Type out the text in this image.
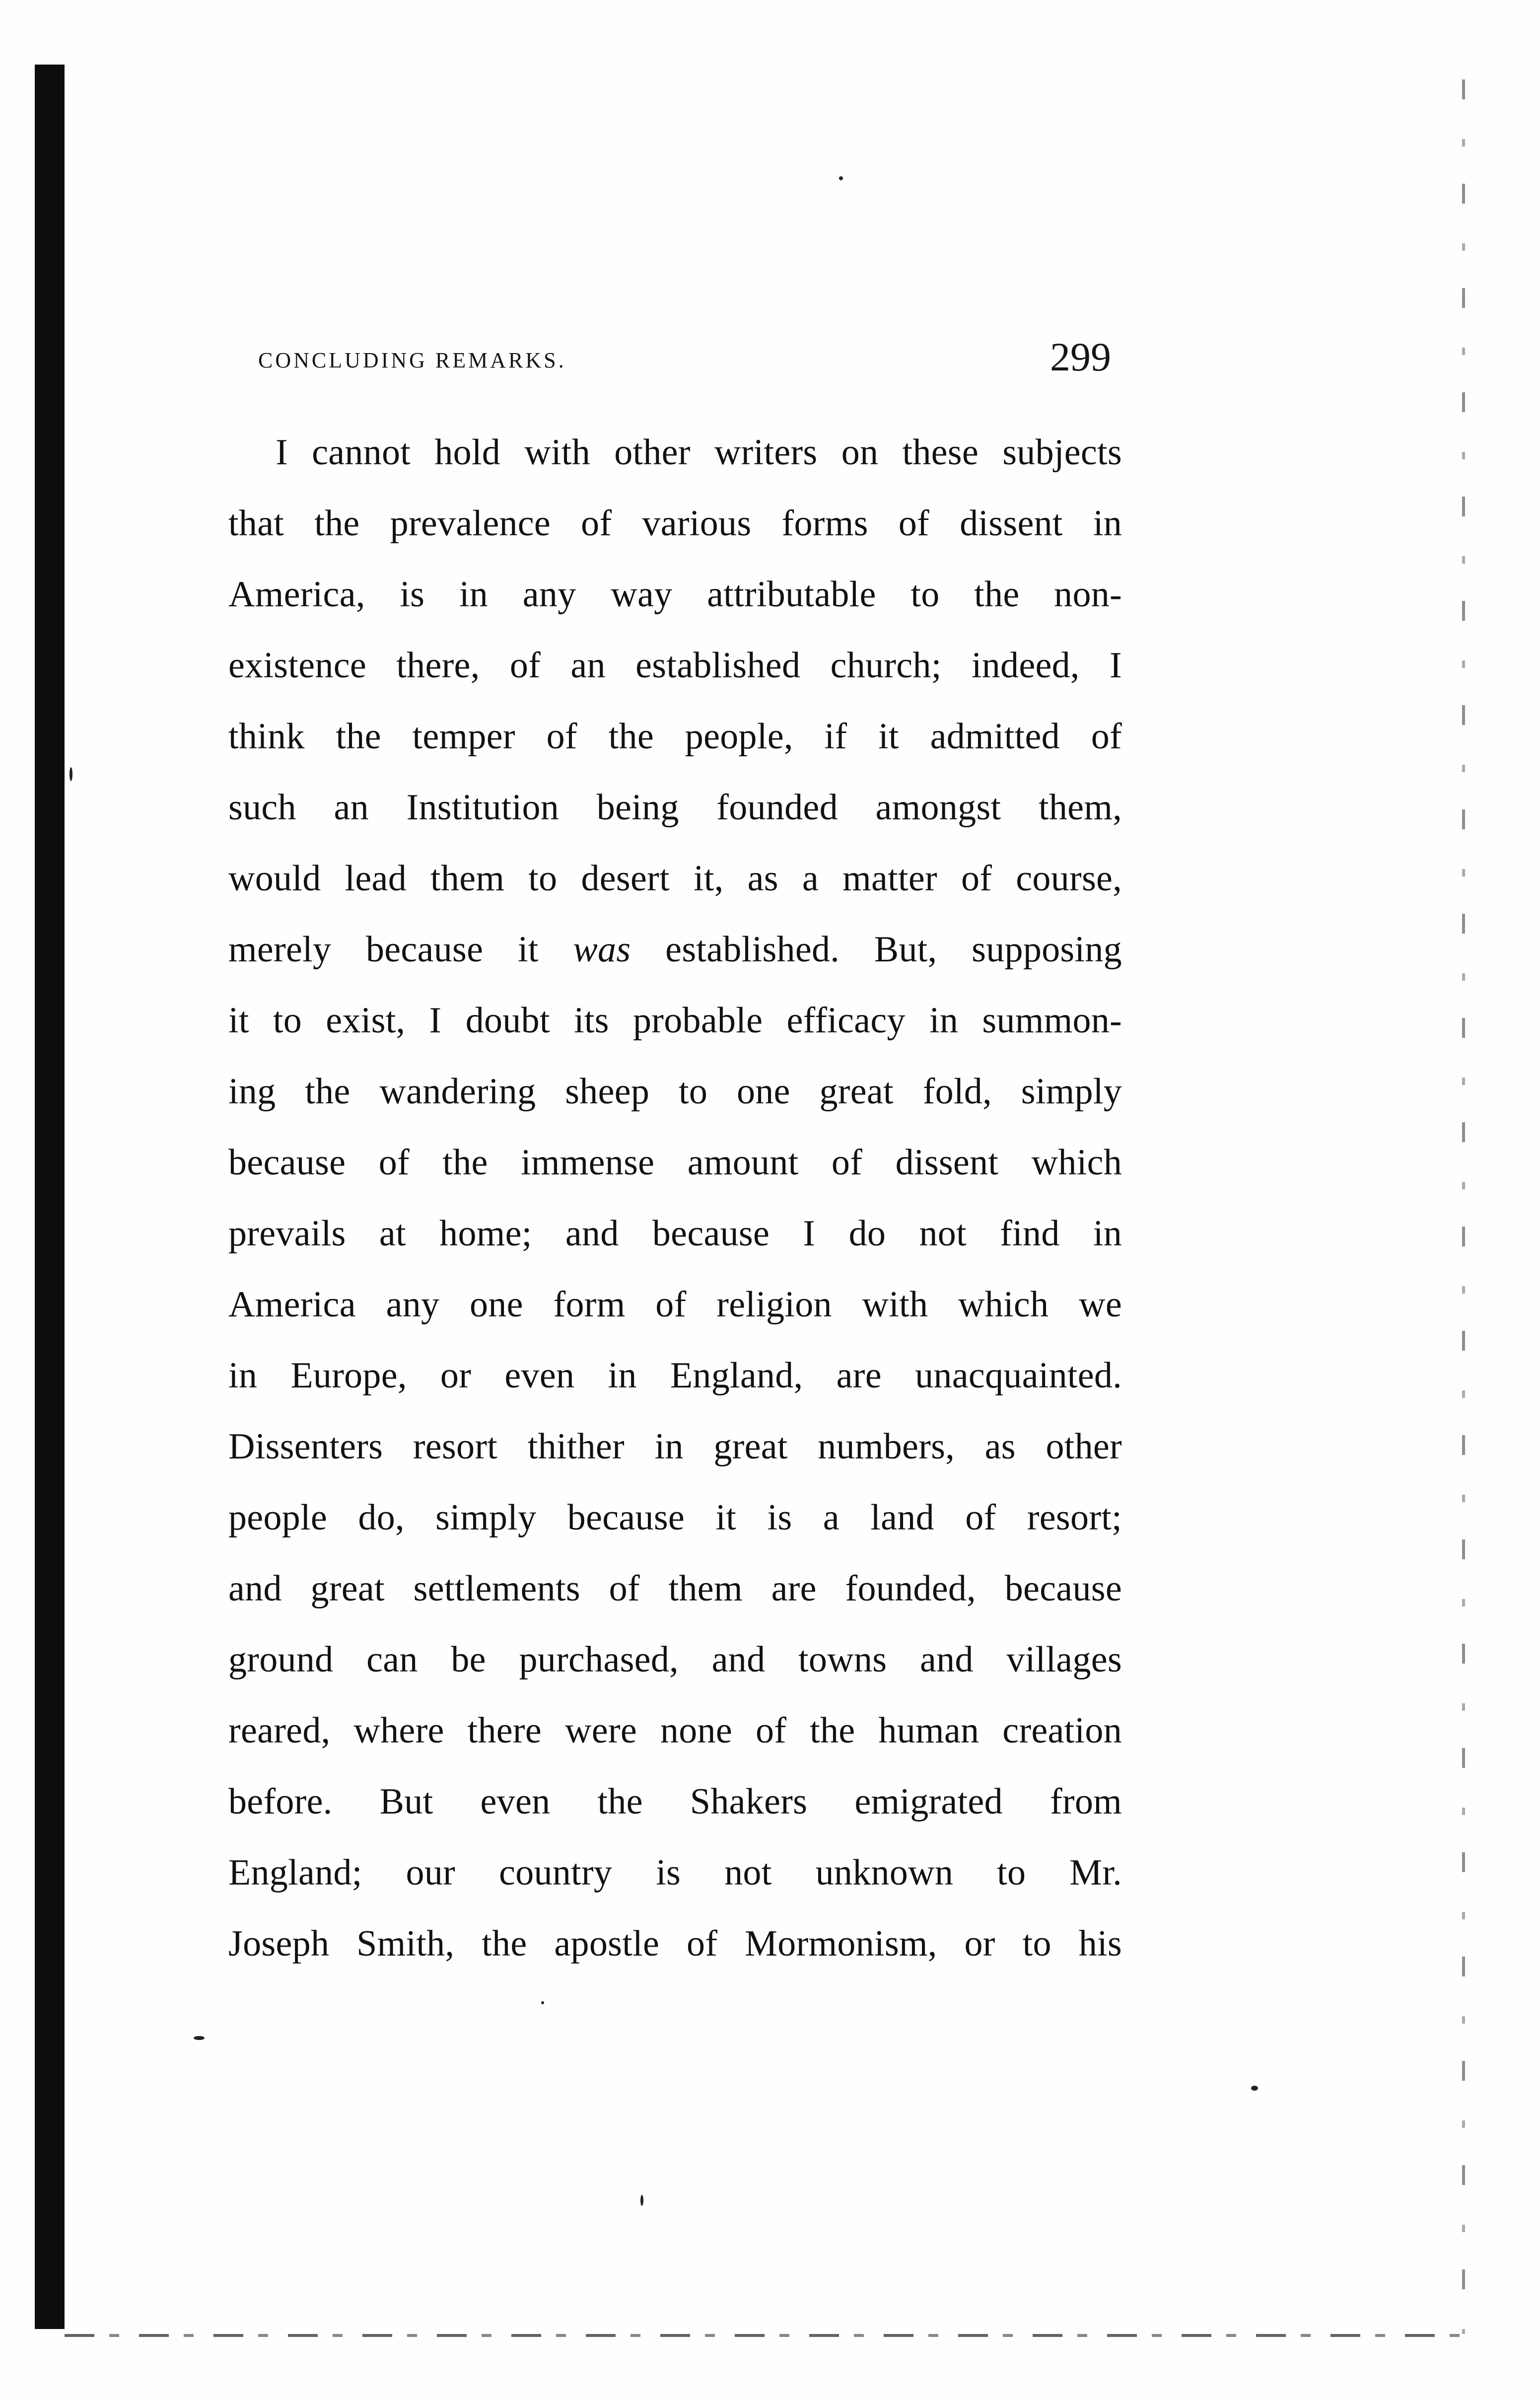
CONCLUDING REMARKS.	299
I cannot hold with other writers on these subjects
that the prevalence of various forms of dissent in
America, is in any way attributable to the non-
existence there, of an established church; indeed, I
think the temper of the people, if it admitted of
such an Institution being founded amongst them,
would lead them to desert it, as a matter of course,
merely because it was established. But, supposing
it to exist, I doubt its probable efficacy in summon-
ing the wandering sheep to one great fold, simply
because of the immense amount of dissent which
prevails at home; and because I do not find in
America any one form of religion with which we
in Europe, or even in England, are unacquainted.
Dissenters resort thither in great numbers, as other
people do, simply because it is a land of resort;
and great settlements of them are founded, because
ground can be purchased, and towns and villages
reared, where there were none of the human creation
before. But even the Shakers emigrated from
England; our country is not unknown to Mr.
Joseph Smith, the apostle of Mormonism, or to his
